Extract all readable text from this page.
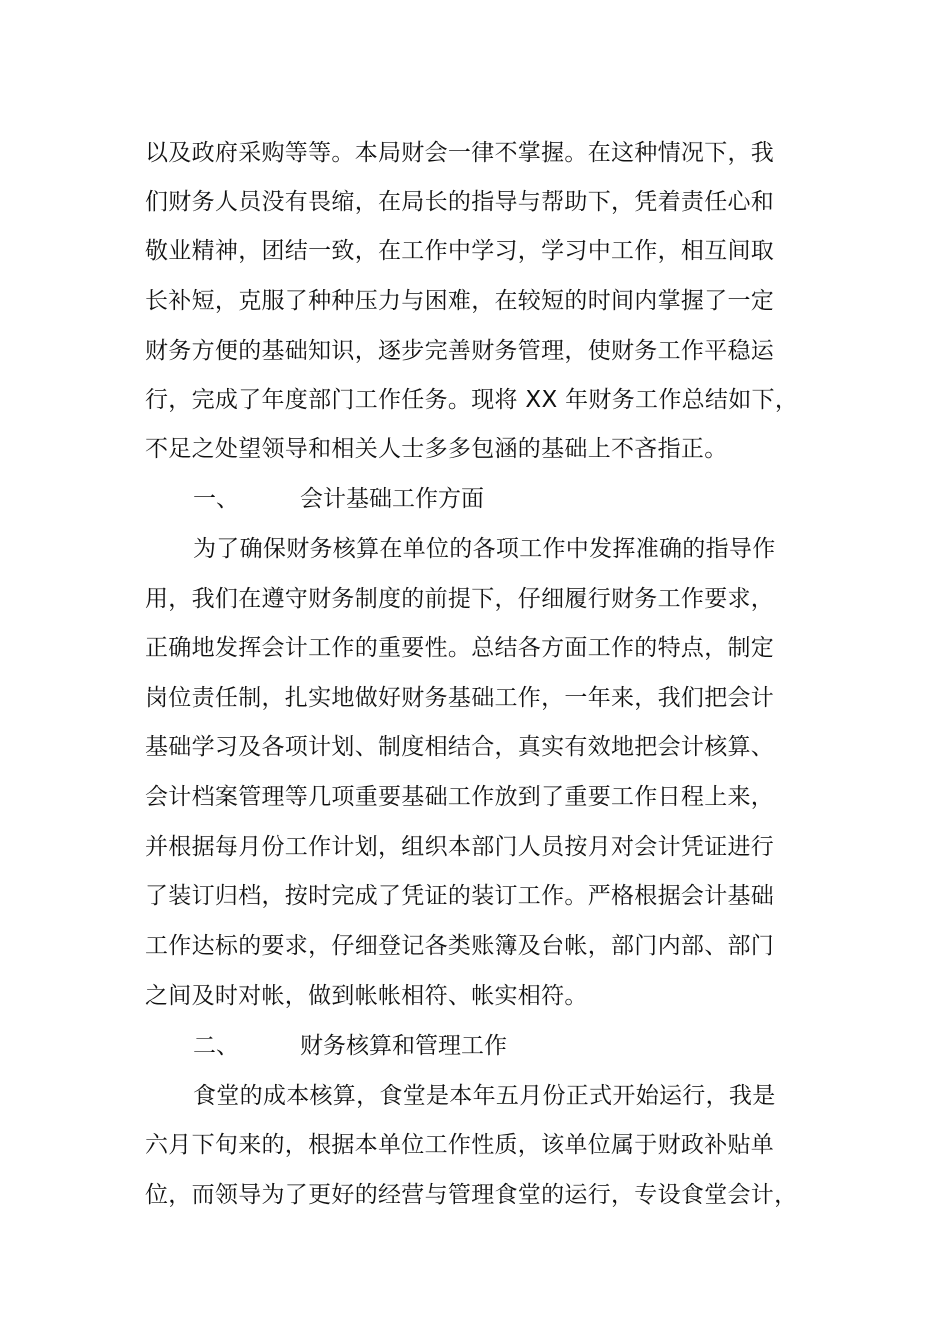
以及政府采购等等。本局财会一律不掌握。在这种情况下，我
们财务人员没有畏缩，在局长的指导与帮助下，凭着责任心和
敬业精神，团结一致，在工作中学习，学习中工作，相互间取
长补短，克服了种种压力与困难，在较短的时间内掌握了一定
财务方便的基础知识，逐步完善财务管理，使财务工作平稳运
行，完成了年度部门工作任务。现将 XX 年财务工作总结如下，
不足之处望领导和相关人士多多包涵的基础上不吝指正。
一、	会计基础工作方面
为了确保财务核算在单位的各项工作中发挥准确的指导作
用，我们在遵守财务制度的前提下，仔细履行财务工作要求，
正确地发挥会计工作的重要性。总结各方面工作的特点，制定
岗位责任制，扎实地做好财务基础工作，一年来，我们把会计
基础学习及各项计划、制度相结合，真实有效地把会计核算、
会计档案管理等几项重要基础工作放到了重要工作日程上来，
并根据每月份工作计划，组织本部门人员按月对会计凭证进行
了装订归档，按时完成了凭证的装订工作。严格根据会计基础
工作达标的要求，仔细登记各类账簿及台帐，部门内部、部门
之间及时对帐，做到帐帐相符、帐实相符。
二、	财务核算和管理工作
食堂的成本核算，食堂是本年五月份正式开始运行，我是
六月下旬来的，根据本单位工作性质，该单位属于财政补贴单
位，而领导为了更好的经营与管理食堂的运行，专设食堂会计，
